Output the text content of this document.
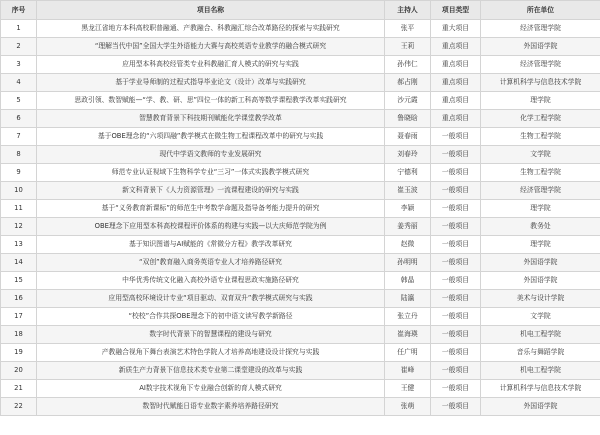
序号	项目名称	主持人	项目类型	所在单位
1	黑龙江省地方本科高校职普融通、产教融合、科教融汇综合改革路径的探索与实践研究	张平	重大项目	经济管理学院
2	“理解当代中国”全国大学生外语能力大赛与高校英语专业教学的融合模式研究	王莉	重点项目	外国语学院
3	应用型本科高校经管类专业科教融汇育人模式的研究与实践	孙伟仁	重点项目	经济管理学院
4	基于学业导师制的过程式指导毕业论文（设计）改革与实践研究	郝占刚	重点项目	计算机科学与信息技术学院
5	思政引领、数智赋能—“学、教、研、思”四位一体的新工科高等数学课程教学改革实践研究	沙元霞	重点项目	理学院
6	智慧教育背景下科技期刊赋能化学课堂教学改革	鲁晓晗	重点项目	化学工程学院
7	基于OBE理念的“六项四融”教学模式在微生物工程课程改革中的研究与实践	聂春雨	一般项目	生物工程学院
8	现代中学语文教师的专业发展研究	刘春玲	一般项目	文学院
9	师范专业认证视域下生物科学专业“三习”一体式实践教学模式研究	宁德利	一般项目	生物工程学院
10	新文科背景下《人力资源管理》一流课程建设的研究与实践	崔玉波	一般项目	经济管理学院
11	基于“义务教育新课标”的师范生中考数学命题及指导备考能力提升的研究	李颖	一般项目	理学院
12	OBE理念下应用型本科高校课程评价体系的构建与实践—以大庆师范学院为例	姜秀丽	一般项目	教务处
13	基于知识图谱与AI赋能的《常微分方程》教学改革研究	赵微	一般项目	理学院
14	“双创”教育融入商务英语专业人才培养路径研究	孙明明	一般项目	外国语学院
15	中华优秀传统文化融入高校外语专业课程思政实施路径研究	韩晶	一般项目	外国语学院
16	应用型高校环境设计专业“项目驱动、双育双升”教学模式研究与实践	陆瀛	一般项目	美术与设计学院
17	“校校”合作共探OBE理念下的初中语文读写教学新路径	张立丹	一般项目	文学院
18	数字时代背景下的智慧课程的建设与研究	崔海瑛	一般项目	机电工程学院
19	产教融合视角下舞台表演艺术特色学院人才培养高地建设设计探究与实践	任广明	一般项目	音乐与舞蹈学院
20	新质生产力背景下信息技术类专业第二课堂建设的改革与实践	崔峰	一般项目	机电工程学院
21	AI数字技术视角下专业融合创新的育人模式研究	王健	一般项目	计算机科学与信息技术学院
22	数智时代赋能日语专业数字素养培养路径研究	张萌	一般项目	外国语学院
